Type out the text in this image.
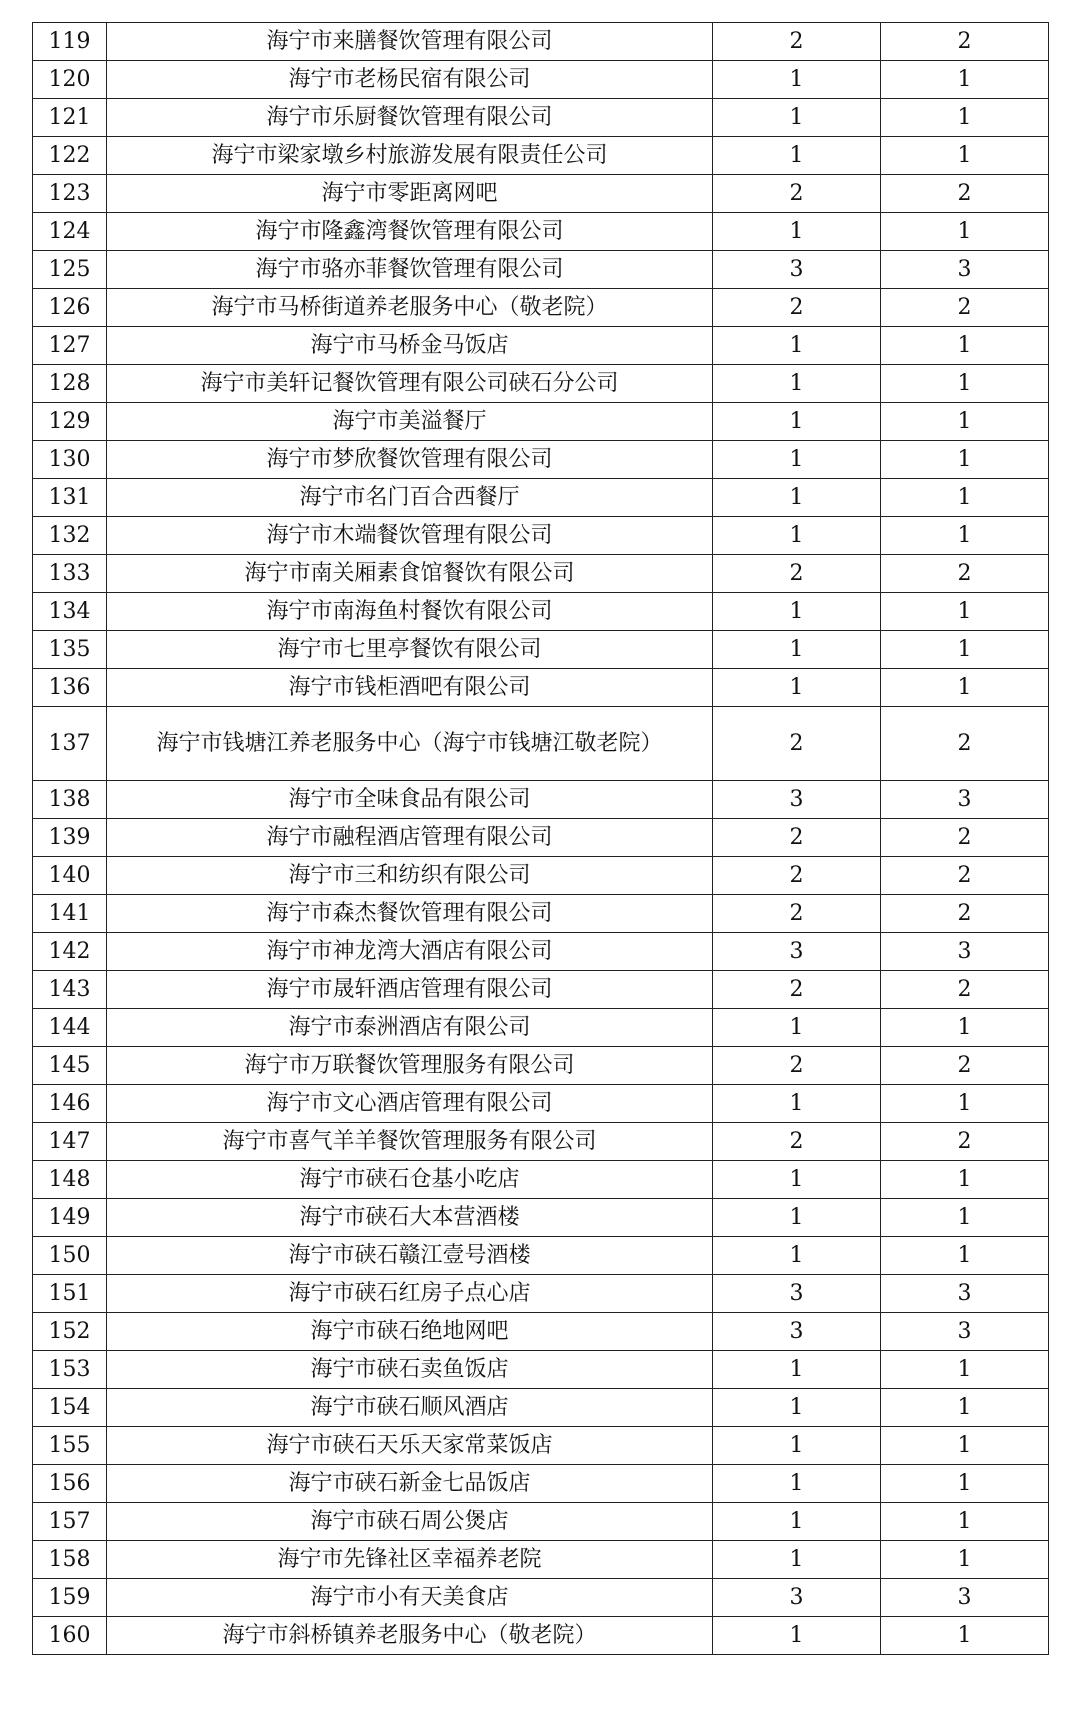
119	海宁市来膳餐饮管理有限公司	2	2
120	海宁市老杨民宿有限公司	1	1
121	海宁市乐厨餐饮管理有限公司	1	1
122	海宁市梁家墩乡村旅游发展有限责任公司	1	1
123	海宁市零距离网吧	2	2
124	海宁市隆鑫湾餐饮管理有限公司	1	1
125	海宁市骆亦菲餐饮管理有限公司	3	3
126	海宁市马桥街道养老服务中心（敬老院）	2	2
127	海宁市马桥金马饭店	1	1
128	海宁市美轩记餐饮管理有限公司硖石分公司	1	1
129	海宁市美溢餐厅	1	1
130	海宁市梦欣餐饮管理有限公司	1	1
131	海宁市名门百合西餐厅	1	1
132	海宁市木端餐饮管理有限公司	1	1
133	海宁市南关厢素食馆餐饮有限公司	2	2
134	海宁市南海鱼村餐饮有限公司	1	1
135	海宁市七里亭餐饮有限公司	1	1
136	海宁市钱柜酒吧有限公司	1	1
137	海宁市钱塘江养老服务中心（海宁市钱塘江敬老院）	2	2
138	海宁市全味食品有限公司	3	3
139	海宁市融程酒店管理有限公司	2	2
140	海宁市三和纺织有限公司	2	2
141	海宁市森杰餐饮管理有限公司	2	2
142	海宁市神龙湾大酒店有限公司	3	3
143	海宁市晟轩酒店管理有限公司	2	2
144	海宁市泰洲酒店有限公司	1	1
145	海宁市万联餐饮管理服务有限公司	2	2
146	海宁市文心酒店管理有限公司	1	1
147	海宁市喜气羊羊餐饮管理服务有限公司	2	2
148	海宁市硖石仓基小吃店	1	1
149	海宁市硖石大本营酒楼	1	1
150	海宁市硖石赣江壹号酒楼	1	1
151	海宁市硖石红房子点心店	3	3
152	海宁市硖石绝地网吧	3	3
153	海宁市硖石卖鱼饭店	1	1
154	海宁市硖石顺风酒店	1	1
155	海宁市硖石天乐天家常菜饭店	1	1
156	海宁市硖石新金七品饭店	1	1
157	海宁市硖石周公煲店	1	1
158	海宁市先锋社区幸福养老院	1	1
159	海宁市小有天美食店	3	3
160	海宁市斜桥镇养老服务中心（敬老院）	1	1
